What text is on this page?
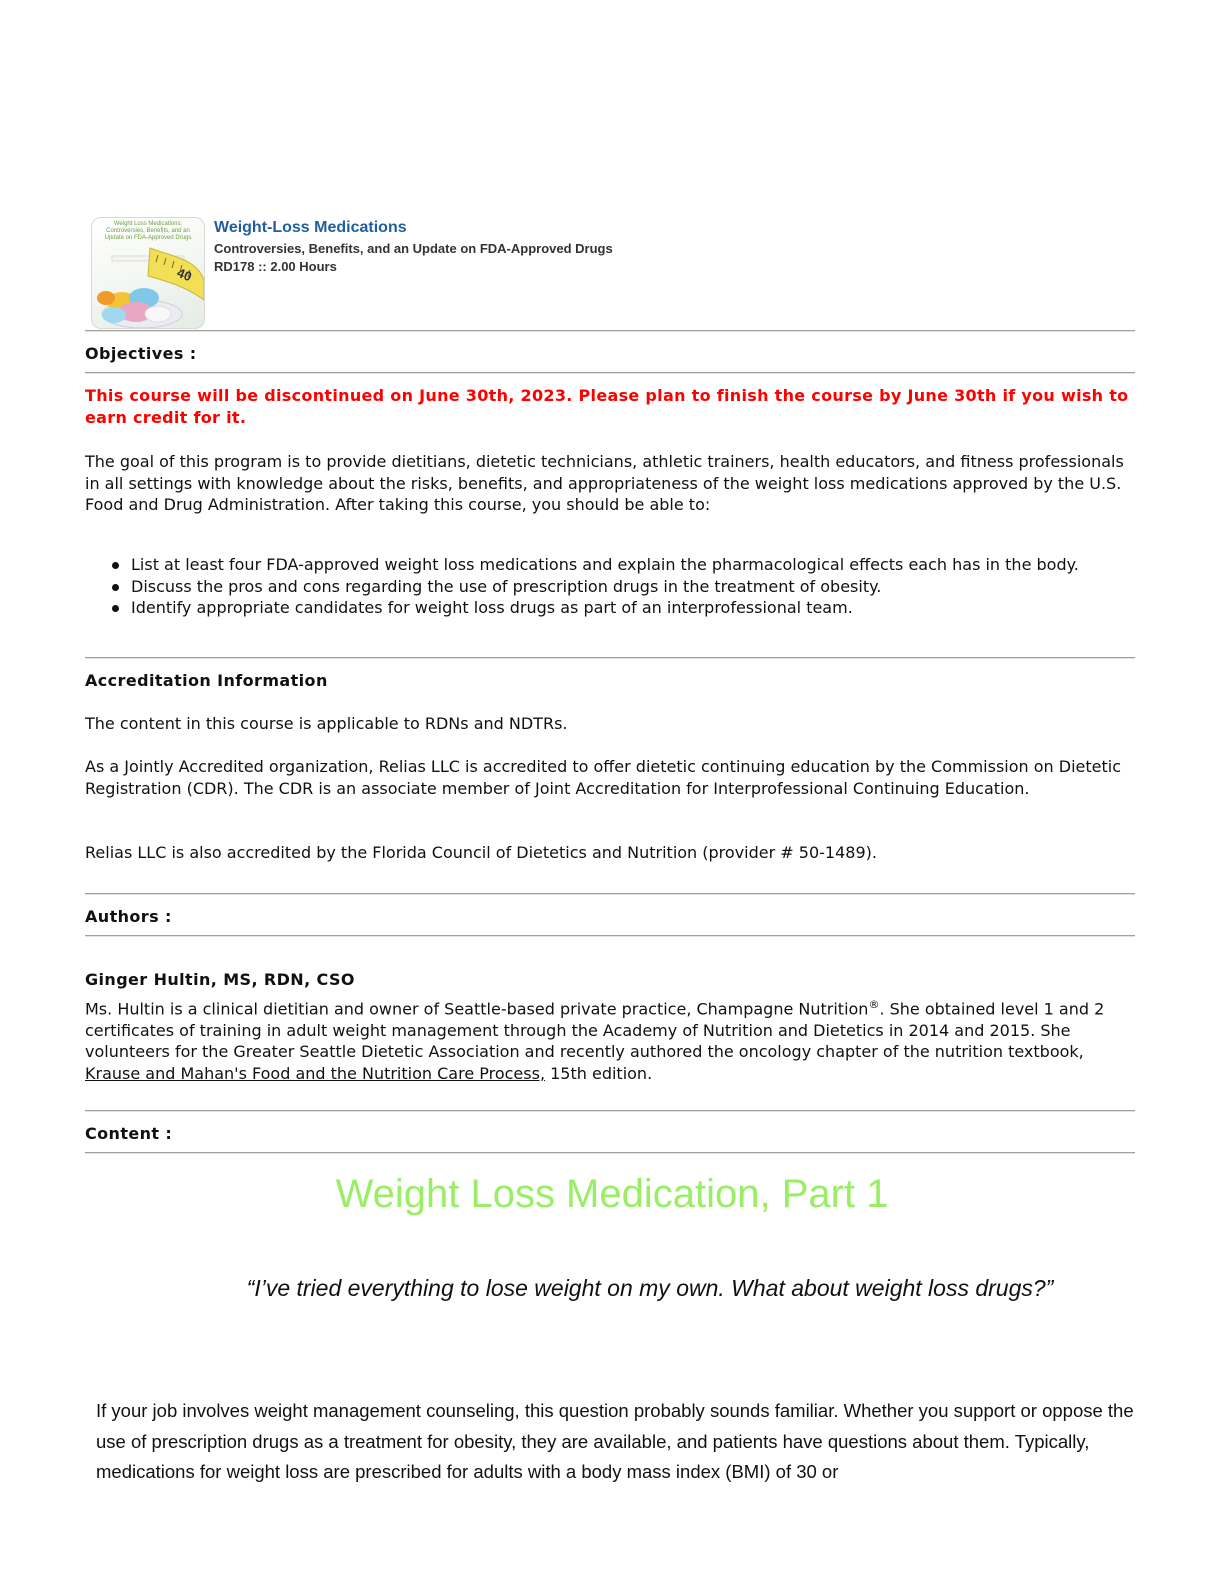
Weight Loss Medications: Controversies, Benefits, and an Update on FDA-Approved Drugs
40
Weight-Loss Medications
Controversies, Benefits, and an Update on FDA-Approved Drugs
RD178 :: 2.00 Hours
Objectives :

This course will be discontinued on June 30th, 2023. Please plan to finish the course by June 30th if you wish to earn credit for it.

The goal of this program is to provide dietitians, dietetic technicians, athletic trainers, health educators, and fitness professionals in all settings with knowledge about the risks, benefits, and appropriateness of the weight loss medications approved by the U.S. Food and Drug Administration. After taking this course, you should be able to:

List at least four FDA-approved weight loss medications and explain the pharmacological effects each has in the body.
Discuss the pros and cons regarding the use of prescription drugs in the treatment of obesity.
Identify appropriate candidates for weight loss drugs as part of an interprofessional team.
Accreditation Information

The content in this course is applicable to RDNs and NDTRs.

As a Jointly Accredited organization, Relias LLC is accredited to offer dietetic continuing education by the Commission on Dietetic Registration (CDR). The CDR is an associate member of Joint Accreditation for Interprofessional Continuing Education.

Relias LLC is also accredited by the Florida Council of Dietetics and Nutrition (provider # 50-1489).

Authors :
Ginger Hultin, MS, RDN, CSO

Ms. Hultin is a clinical dietitian and owner of Seattle-based private practice, Champagne Nutrition®. She obtained level 1 and 2 certificates of training in adult weight management through the Academy of Nutrition and Dietetics in 2014 and 2015. She volunteers for the Greater Seattle Dietetic Association and recently authored the oncology chapter of the nutrition textbook, Krause and Mahan's Food and the Nutrition Care Process, 15th edition.

Content :
Weight Loss Medication, Part 1

“I’ve tried everything to lose weight on my own. What about weight loss drugs?”

If your job involves weight management counseling, this question probably sounds familiar. Whether you support or oppose the use of prescription drugs as a treatment for obesity, they are available, and patients have questions about them. Typically, medications for weight loss are prescribed for adults with a body mass index (BMI) of 30 or
